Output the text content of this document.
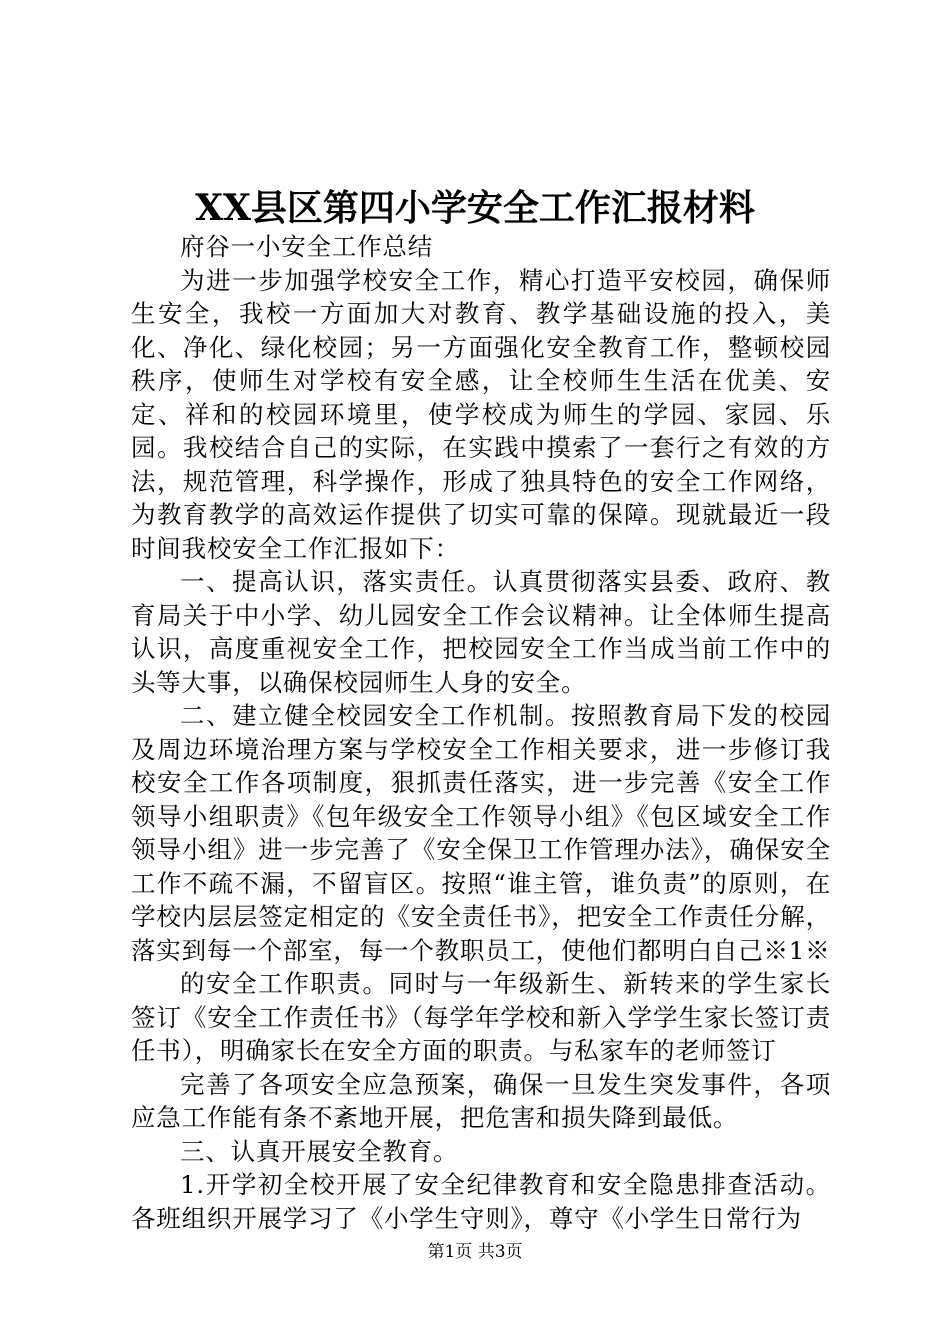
XX县区第四小学安全工作汇报材料

府谷一小安全工作总结

为进一步加强学校安全工作，精心打造平安校园，确保师生安全，我校一方面加大对教育、教学基础设施的投入，美化、净化、绿化校园；另一方面强化安全教育工作，整顿校园秩序，使师生对学校有安全感，让全校师生生活在优美、安定、祥和的校园环境里，使学校成为师生的学园、家园、乐园。我校结合自己的实际，在实践中摸索了一套行之有效的方法，规范管理，科学操作，形成了独具特色的安全工作网络，为教育教学的高效运作提供了切实可靠的保障。现就最近一段时间我校安全工作汇报如下：

一、提高认识，落实责任。认真贯彻落实县委、政府、教育局关于中小学、幼儿园安全工作会议精神。让全体师生提高认识，高度重视安全工作，把校园安全工作当成当前工作中的头等大事，以确保校园师生人身的安全。

二、建立健全校园安全工作机制。按照教育局下发的校园及周边环境治理方案与学校安全工作相关要求，进一步修订我校安全工作各项制度，狠抓责任落实，进一步完善《安全工作领导小组职责》《包年级安全工作领导小组》《包区域安全工作领导小组》进一步完善了《安全保卫工作管理办法》，确保安全工作不疏不漏，不留盲区。按照“谁主管，谁负责”的原则，在学校内层层签定相定的《安全责任书》，把安全工作责任分解，落实到每一个部室，每一个教职员工，使他们都明白自己※1※

的安全工作职责。同时与一年级新生、新转来的学生家长签订《安全工作责任书》（每学年学校和新入学学生家长签订责任书），明确家长在安全方面的职责。与私家车的老师签订

完善了各项安全应急预案，确保一旦发生突发事件，各项应急工作能有条不紊地开展，把危害和损失降到最低。

三、认真开展安全教育。

1.开学初全校开展了安全纪律教育和安全隐患排查活动。各班组织开展学习了《小学生守则》，尊守《小学生日常行为

第1页 共3页
